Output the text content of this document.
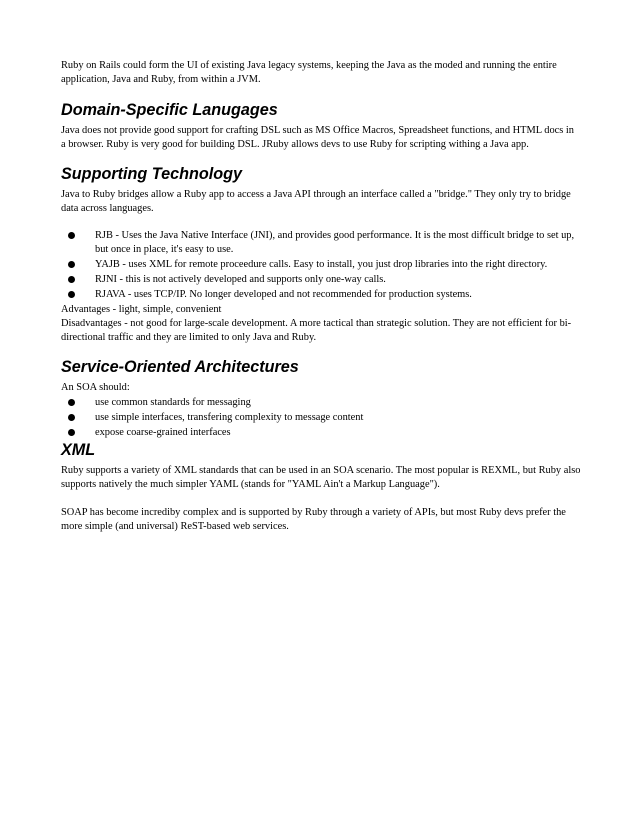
Ruby on Rails could form the UI of existing Java legacy systems, keeping the Java as the moded and running the entire application, Java and Ruby, from within a JVM.

Domain-Specific Lanugages

Java does not provide good support for crafting DSL such as MS Office Macros, Spreadsheet functions, and HTML docs in a browser. Ruby is very good for building DSL. JRuby allows devs to use Ruby for scripting withing a Java app.

Supporting Technology

Java to Ruby bridges allow a Ruby app to access a Java API through an interface called a "bridge." They only try to bridge data across languages.

RJB - Uses the Java Native Interface (JNI), and provides good performance. It is the most difficult bridge to set up, but once in place, it's easy to use.
YAJB - uses XML for remote proceedure calls. Easy to install, you just drop libraries into the right directory.
RJNI - this is not actively developed and supports only one-way calls.
RJAVA - uses TCP/IP. No longer developed and not recommended for production systems.

Advantages - light, simple, convenient

Disadvantages - not good for large-scale development. A more tactical than strategic solution. They are not efficient for bi-directional traffic and they are limited to only Java and Ruby.

Service-Oriented Architectures

An SOA should:

use common standards for messaging
use simple interfaces, transfering complexity to message content
expose coarse-grained interfaces
XML

Ruby supports a variety of XML standards that can be used in an SOA scenario. The most popular is REXML, but Ruby also supports natively the much simpler YAML (stands for "YAML Ain't a Markup Language").

SOAP has become incrediby complex and is supported by Ruby through a variety of APIs, but most Ruby devs prefer the more simple (and universal) ReST-based web services.
